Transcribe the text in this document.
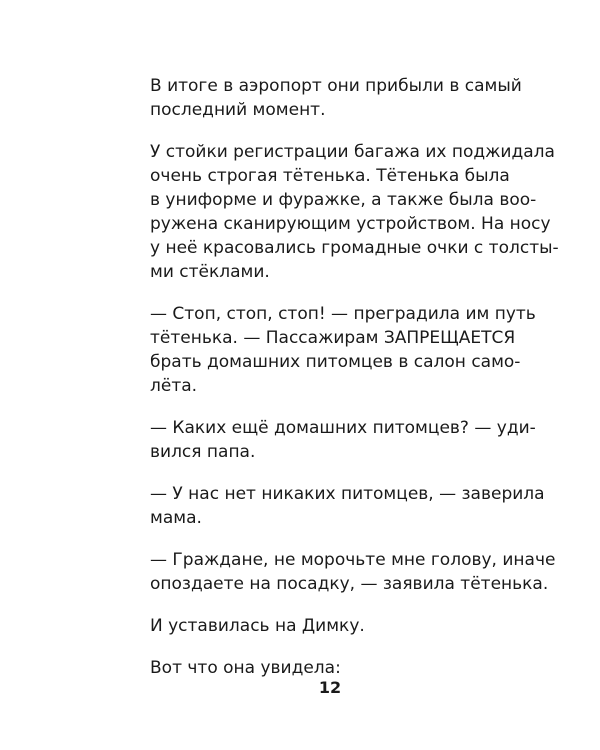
В итоге в аэропорт они прибыли в самый
последний момент.

У стойки регистрации багажа их поджидала
очень строгая тётенька. Тётенька была
в униформе и фуражке, а также была воо-
ружена сканирующим устройством. На носу
у неё красовались громадные очки с толсты-
ми стёклами.

— Стоп, стоп, стоп! — преградила им путь
тётенька. — Пассажирам ЗАПРЕЩАЕТСЯ
брать домашних питомцев в салон само-
лёта.

— Каких ещё домашних питомцев? — уди-
вился папа.

— У нас нет никаких питомцев, — заверила
мама.

— Граждане, не морочьте мне голову, иначе
опоздаете на посадку, — заявила тётенька.

И уставилась на Димку.

Вот что она увидела:

12
